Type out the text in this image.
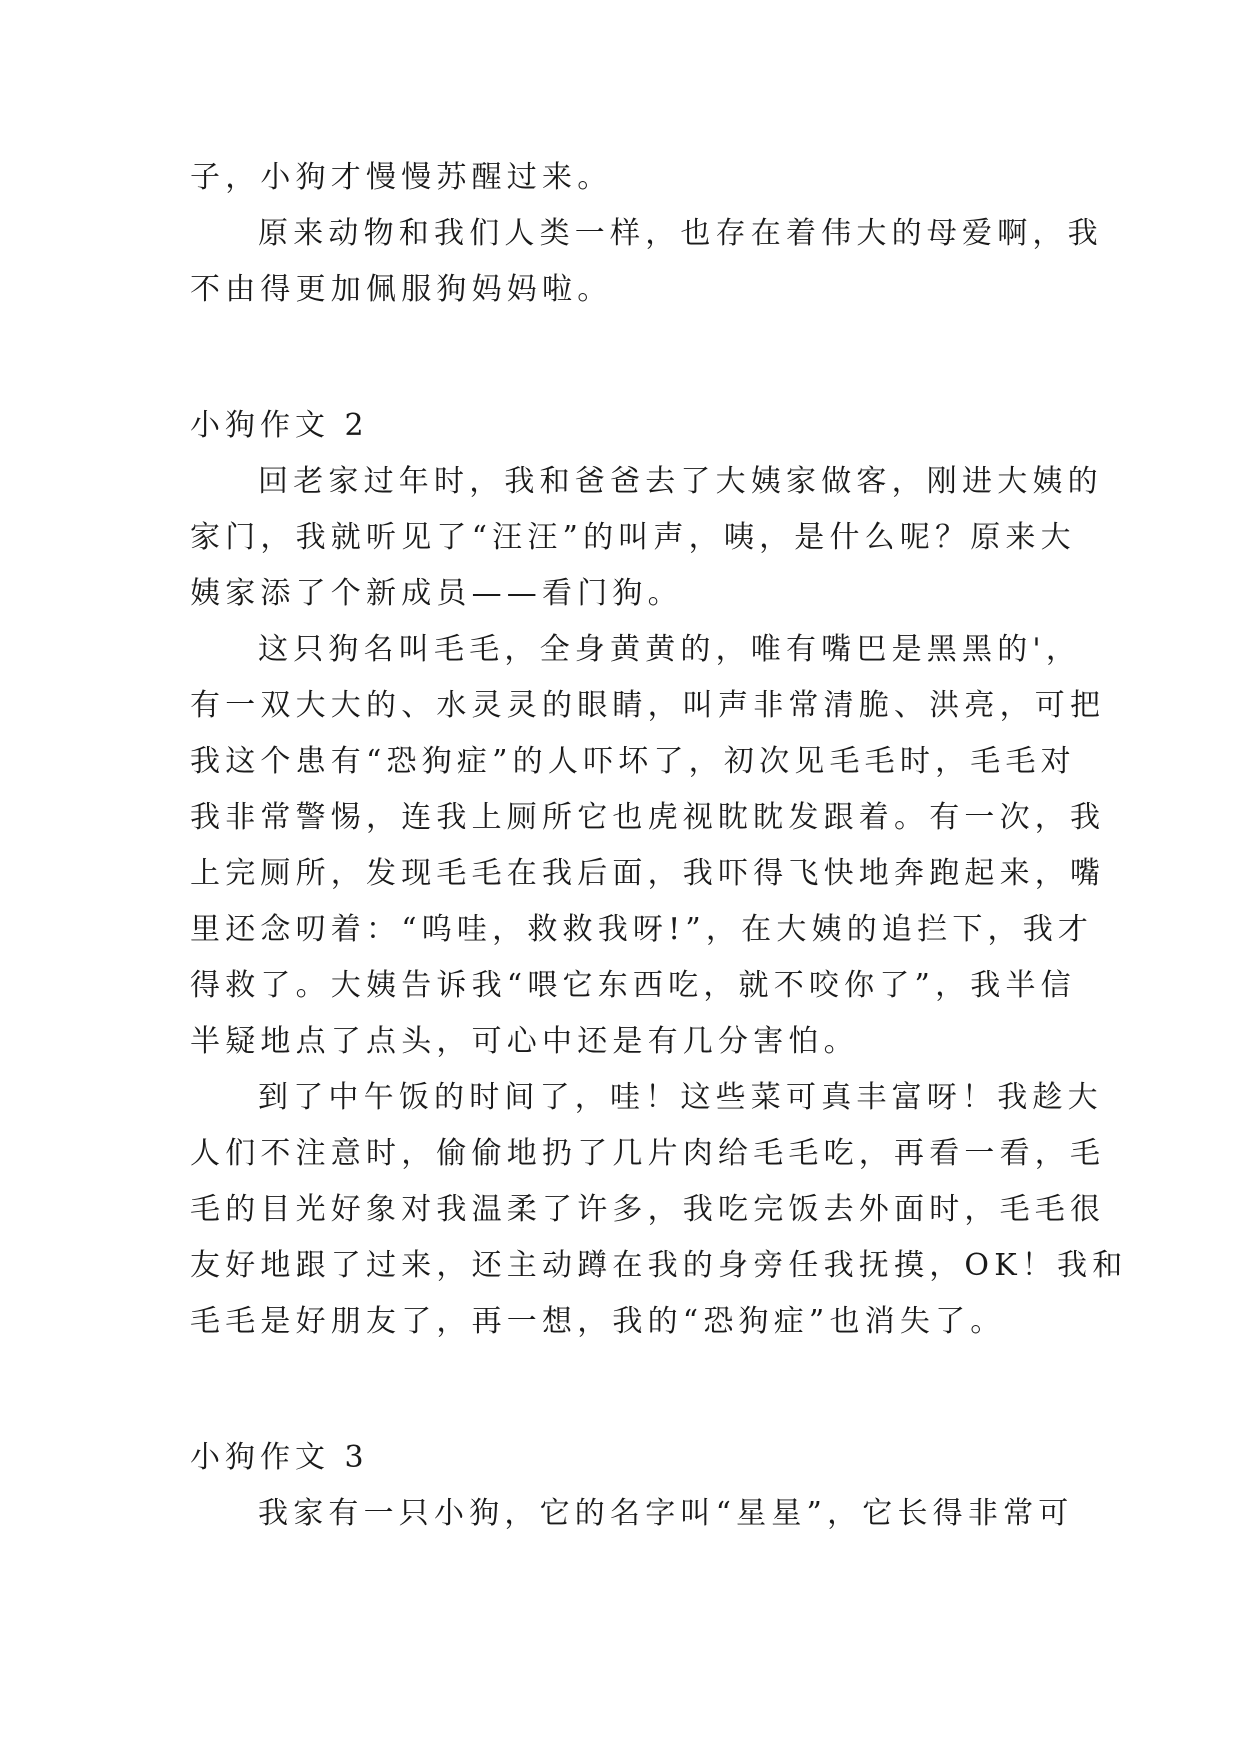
子，小狗才慢慢苏醒过来。

原来动物和我们人类一样，也存在着伟大的母爱啊，我

不由得更加佩服狗妈妈啦。

小狗作文 2

回老家过年时，我和爸爸去了大姨家做客，刚进大姨的

家门，我就听见了“汪汪”的叫声，咦，是什么呢？原来大

姨家添了个新成员——看门狗。

这只狗名叫毛毛，全身黄黄的，唯有嘴巴是黑黑的'，

有一双大大的、水灵灵的眼睛，叫声非常清脆、洪亮，可把

我这个患有“恐狗症”的人吓坏了，初次见毛毛时，毛毛对

我非常警惕，连我上厕所它也虎视眈眈发跟着。有一次，我

上完厕所，发现毛毛在我后面，我吓得飞快地奔跑起来，嘴

里还念叨着：“呜哇，救救我呀!”，在大姨的追拦下，我才

得救了。大姨告诉我“喂它东西吃，就不咬你了”，我半信

半疑地点了点头，可心中还是有几分害怕。

到了中午饭的时间了，哇！这些菜可真丰富呀！我趁大

人们不注意时，偷偷地扔了几片肉给毛毛吃，再看一看，毛

毛的目光好象对我温柔了许多，我吃完饭去外面时，毛毛很

友好地跟了过来，还主动蹲在我的身旁任我抚摸，OK！我和

毛毛是好朋友了，再一想，我的“恐狗症”也消失了。

小狗作文 3

我家有一只小狗，它的名字叫“星星”，它长得非常可
